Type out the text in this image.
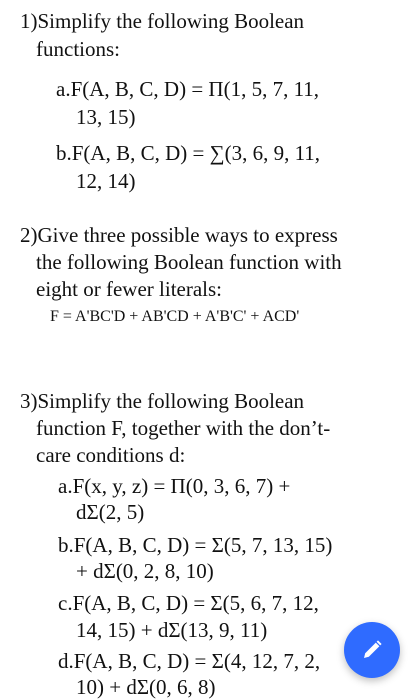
1)Simplify the following Boolean
functions:
a.F(A, B, C, D) = Π(1, 5, 7, 11,
13, 15)
b.F(A, B, C, D) = ∑(3, 6, 9, 11,
12, 14)
2)Give three possible ways to express
the following Boolean function with
eight or fewer literals:
F = A'BC'D + AB'CD + A'B'C' + ACD'
3)Simplify the following Boolean
function F, together with the don’t-
care conditions d:
a.F(x, y, z) = Π(0, 3, 6, 7) +
dΣ(2, 5)
b.F(A, B, C, D) = Σ(5, 7, 13, 15)
+ dΣ(0, 2, 8, 10)
c.F(A, B, C, D) = Σ(5, 6, 7, 12,
14, 15) + dΣ(13, 9, 11)
d.F(A, B, C, D) = Σ(4, 12, 7, 2,
10) + dΣ(0, 6, 8)
